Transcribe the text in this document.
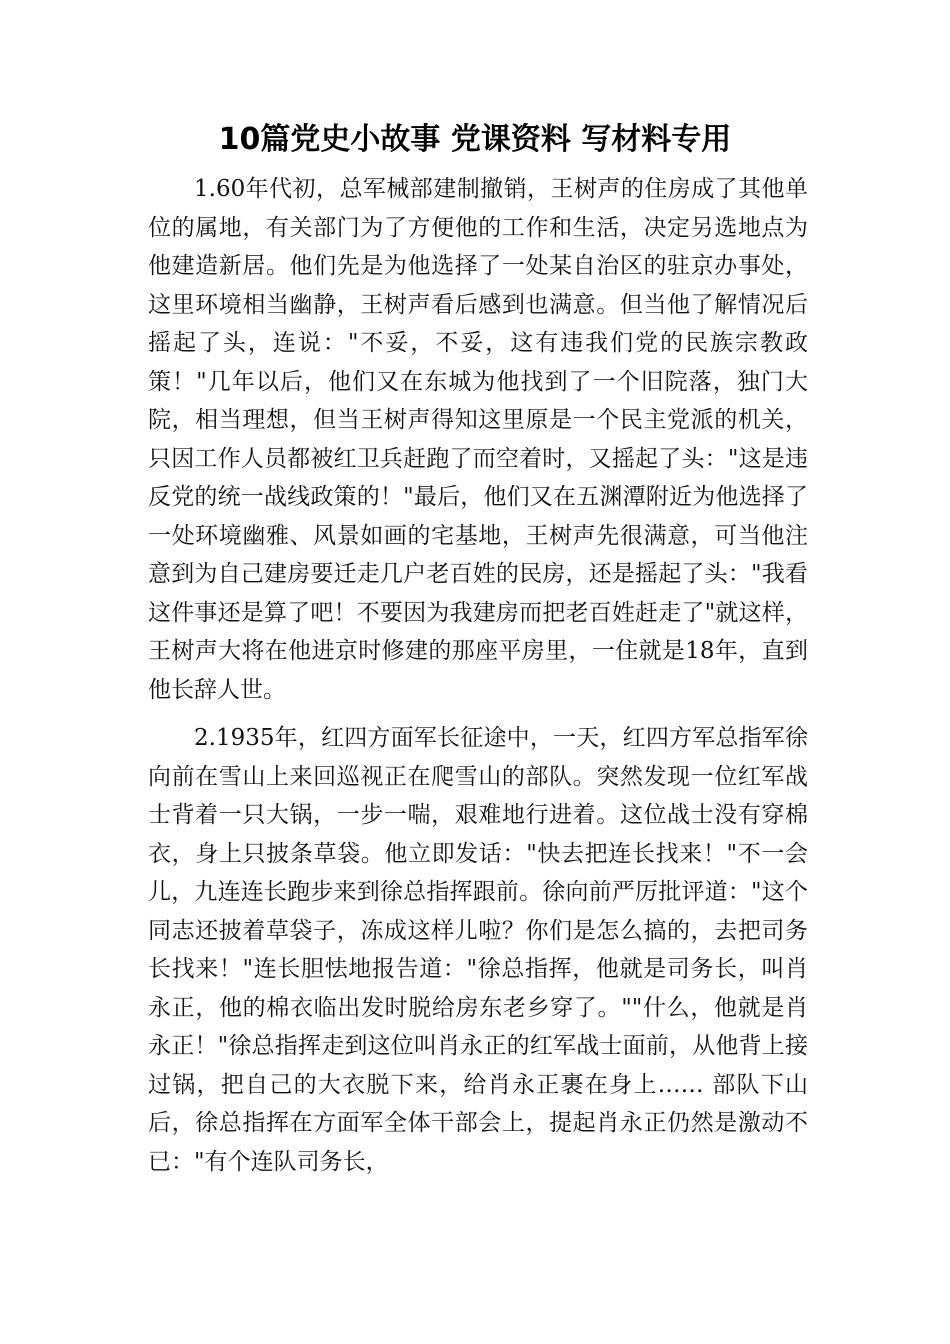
10篇党史小故事 党课资料 写材料专用

1.60年代初，总军械部建制撤销，王树声的住房成了其他单位的属地，有关部门为了方便他的工作和生活，决定另选地点为他建造新居。他们先是为他选择了一处某自治区的驻京办事处，这里环境相当幽静，王树声看后感到也满意。但当他了解情况后摇起了头，连说："不妥，不妥，这有违我们党的民族宗教政策！"几年以后，他们又在东城为他找到了一个旧院落，独门大院，相当理想，但当王树声得知这里原是一个民主党派的机关，只因工作人员都被红卫兵赶跑了而空着时，又摇起了头："这是违反党的统一战线政策的！"最后，他们又在五渊潭附近为他选择了一处环境幽雅、风景如画的宅基地，王树声先很满意，可当他注意到为自己建房要迁走几户老百姓的民房，还是摇起了头："我看这件事还是算了吧！不要因为我建房而把老百姓赶走了"就这样，王树声大将在他进京时修建的那座平房里，一住就是18年，直到他长辞人世。

2.1935年，红四方面军长征途中，一天，红四方军总指军徐向前在雪山上来回巡视正在爬雪山的部队。突然发现一位红军战士背着一只大锅，一步一喘，艰难地行进着。这位战士没有穿棉衣，身上只披条草袋。他立即发话："快去把连长找来！"不一会儿，九连连长跑步来到徐总指挥跟前。徐向前严厉批评道："这个同志还披着草袋子，冻成这样儿啦？你们是怎么搞的，去把司务长找来！"连长胆怯地报告道："徐总指挥，他就是司务长，叫肖永正，他的棉衣临出发时脱给房东老乡穿了。""什么，他就是肖永正！"徐总指挥走到这位叫肖永正的红军战士面前，从他背上接过锅，把自己的大衣脱下来，给肖永正裹在身上…… 部队下山后，徐总指挥在方面军全体干部会上，提起肖永正仍然是激动不已："有个连队司务长，
